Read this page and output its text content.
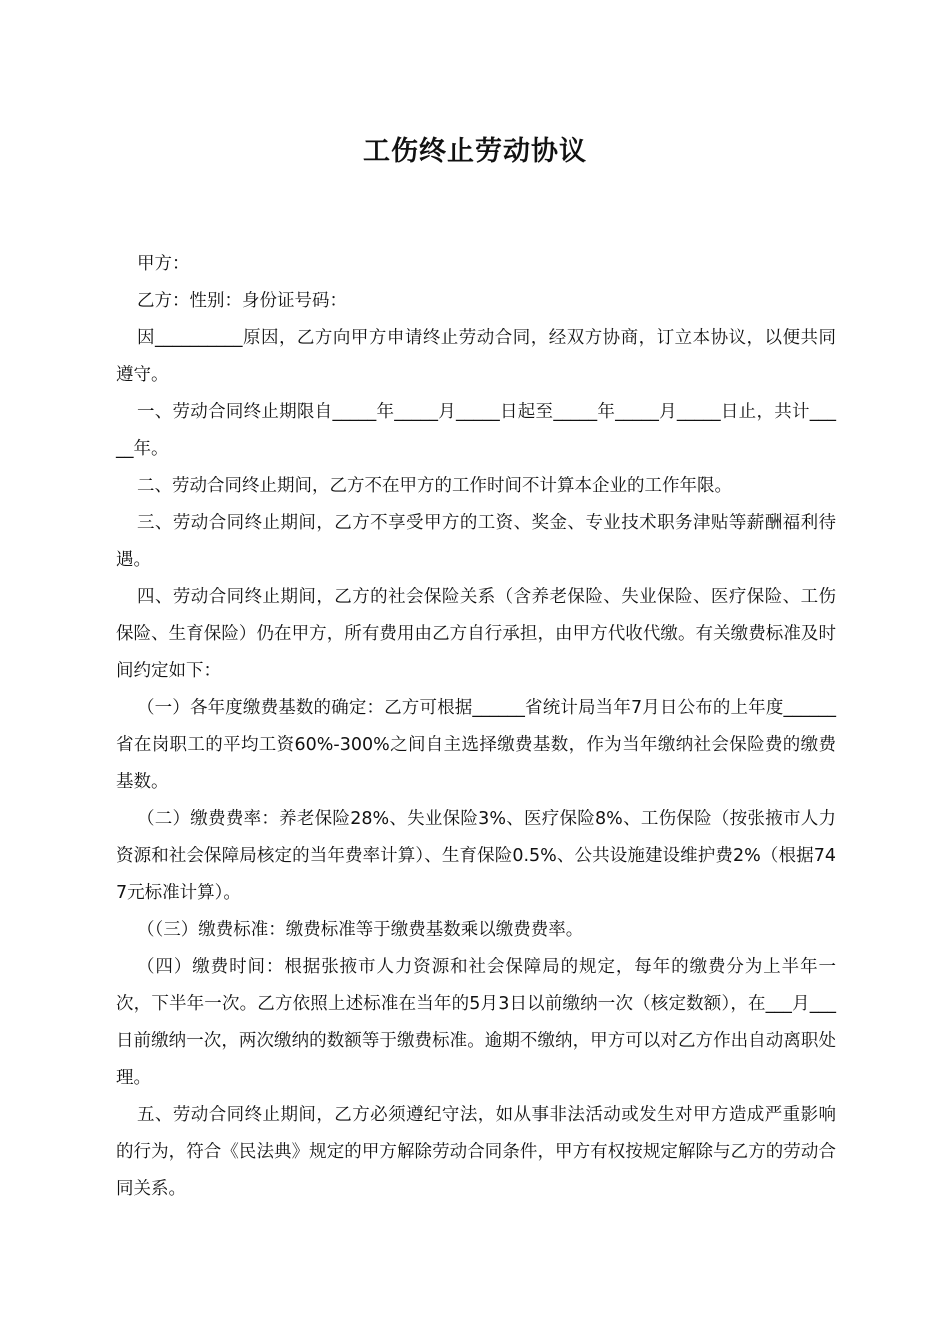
工伤终止劳动协议

甲方：

乙方：性别：身份证号码：

因__________原因，乙方向甲方申请终止劳动合同，经双方协商，订立本协议，以便共同遵守。

一、劳动合同终止期限自_____年_____月_____日起至_____年_____月_____日止，共计_____年。

二、劳动合同终止期间，乙方不在甲方的工作时间不计算本企业的工作年限。

三、劳动合同终止期间，乙方不享受甲方的工资、奖金、专业技术职务津贴等薪酬福利待遇。

四、劳动合同终止期间，乙方的社会保险关系（含养老保险、失业保险、医疗保险、工伤保险、生育保险）仍在甲方，所有费用由乙方自行承担，由甲方代收代缴。有关缴费标准及时间约定如下：

（一）各年度缴费基数的确定：乙方可根据______省统计局当年7月日公布的上年度______省在岗职工的平均工资60%-300%之间自主选择缴费基数，作为当年缴纳社会保险费的缴费基数。

（二）缴费费率：养老保险28%、失业保险3%、医疗保险8%、工伤保险（按张掖市人力资源和社会保障局核定的当年费率计算）、生育保险0.5%、公共设施建设维护费2%（根据747元标准计算）。

（（三）缴费标准：缴费标准等于缴费基数乘以缴费费率。

（四）缴费时间：根据张掖市人力资源和社会保障局的规定，每年的缴费分为上半年一次，下半年一次。乙方依照上述标准在当年的5月3日以前缴纳一次（核定数额），在___月___日前缴纳一次，两次缴纳的数额等于缴费标准。逾期不缴纳，甲方可以对乙方作出自动离职处理。

五、劳动合同终止期间，乙方必须遵纪守法，如从事非法活动或发生对甲方造成严重影响的行为，符合《民法典》规定的甲方解除劳动合同条件，甲方有权按规定解除与乙方的劳动合同关系。
